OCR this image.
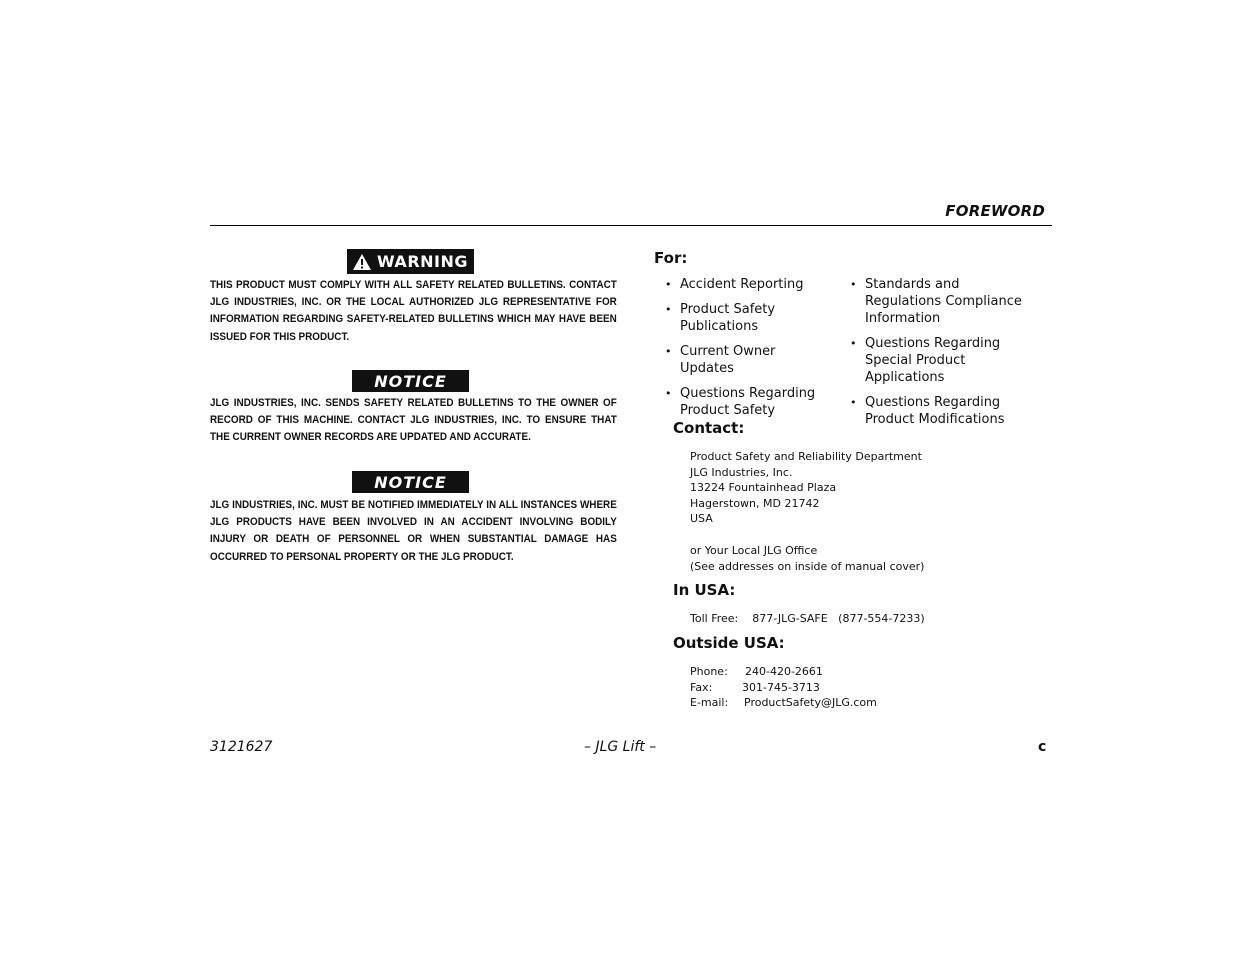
FOREWORD
WARNING
THIS PRODUCT MUST COMPLY WITH ALL SAFETY RELATED BULLETINS. CONTACT JLG INDUSTRIES, INC. OR THE LOCAL AUTHORIZED JLG REPRESENTATIVE FOR INFORMATION REGARDING SAFETY-RELATED BULLETINS WHICH MAY HAVE BEEN ISSUED FOR THIS PRODUCT.
NOTICE
JLG INDUSTRIES, INC. SENDS SAFETY RELATED BULLETINS TO THE OWNER OF RECORD OF THIS MACHINE. CONTACT JLG INDUSTRIES, INC. TO ENSURE THAT THE CURRENT OWNER RECORDS ARE UPDATED AND ACCURATE.
NOTICE
JLG INDUSTRIES, INC. MUST BE NOTIFIED IMMEDIATELY IN ALL INSTANCES WHERE JLG PRODUCTS HAVE BEEN INVOLVED IN AN ACCIDENT INVOLVING BODILY INJURY OR DEATH OF PERSONNEL OR WHEN SUBSTANTIAL DAMAGE HAS OCCURRED TO PERSONAL PROPERTY OR THE JLG PRODUCT.
For:
• Accident Reporting
• Product Safety Publications
• Current Owner Updates
• Questions Regarding Product Safety
• Standards and Regulations Compliance Information
• Questions Regarding Special Product Applications
• Questions Regarding Product Modifications
Contact:
Product Safety and Reliability Department
JLG Industries, Inc.
13224 Fountainhead Plaza
Hagerstown, MD 21742
USA
or Your Local JLG Office
(See addresses on inside of manual cover)
In USA:
Toll Free: 877-JLG-SAFE   (877-554-7233)
Outside USA:
Phone: 240-420-2661
Fax:	301-745-3713
E-mail: ProductSafety@JLG.com
3121627	– JLG Lift –	c
